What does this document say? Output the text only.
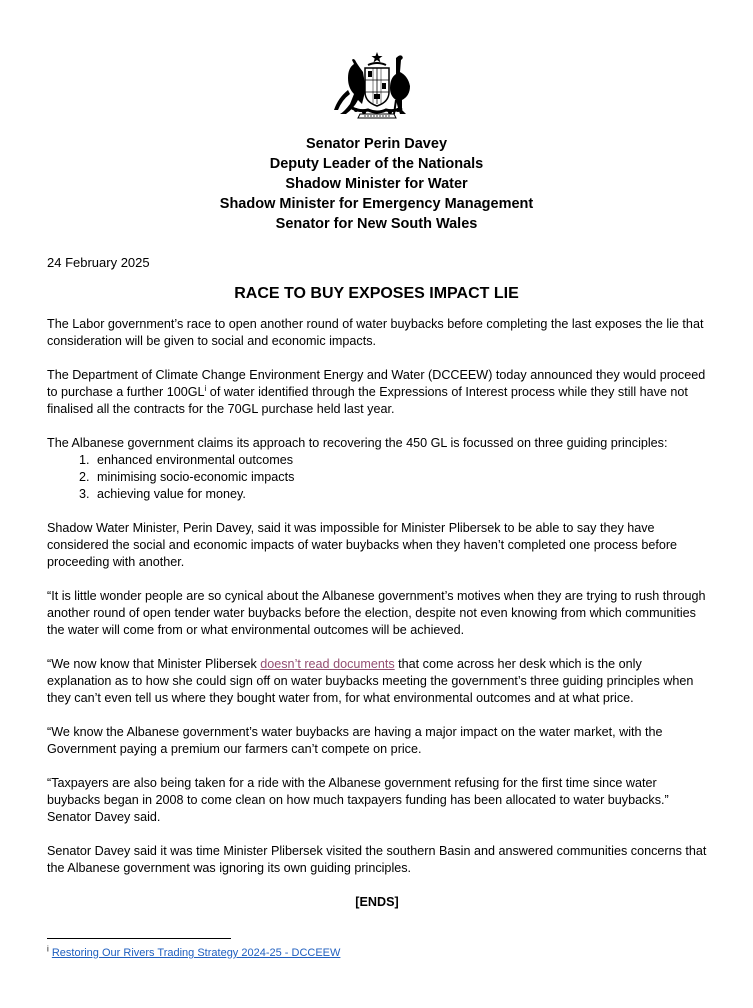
Senator Perin Davey
Deputy Leader of the Nationals
Shadow Minister for Water
Shadow Minister for Emergency Management
Senator for New South Wales
24 February 2025
RACE TO BUY EXPOSES IMPACT LIE

The Labor government’s race to open another round of water buybacks before completing the last exposes the lie that consideration will be given to social and economic impacts.

The Department of Climate Change Environment Energy and Water (DCCEEW) today announced they would proceed to purchase a further $100GL^i$ of water identified through the Expressions of Interest process while they still have not finalised all the contracts for the 70GL purchase held last year.

The Albanese government claims its approach to recovering the 450 GL is focussed on three guiding principles:

1. enhanced environmental outcomes
2. minimising socio-economic impacts
3. achieving value for money.

Shadow Water Minister, Perin Davey, said it was impossible for Minister Plibersek to be able to say they have considered the social and economic impacts of water buybacks when they haven’t completed one process before proceeding with another.

“It is little wonder people are so cynical about the Albanese government’s motives when they are trying to rush through another round of open tender water buybacks before the election, despite not even knowing from which communities the water will come from or what environmental outcomes will be achieved.

“We now know that Minister Plibersek doesn’t read documents that come across her desk which is the only explanation as to how she could sign off on water buybacks meeting the government’s three guiding principles when they can’t even tell us where they bought water from, for what environmental outcomes and at what price.

“We know the Albanese government’s water buybacks are having a major impact on the water market, with the Government paying a premium our farmers can’t compete on price.

“Taxpayers are also being taken for a ride with the Albanese government refusing for the first time since water buybacks began in 2008 to come clean on how much taxpayers funding has been allocated to water buybacks.” Senator Davey said.

Senator Davey said it was time Minister Plibersek visited the southern Basin and answered communities concerns that the Albanese government was ignoring its own guiding principles.

[ENDS]

$^i$ Restoring Our Rivers Trading Strategy 2024-25 - DCCEEW
